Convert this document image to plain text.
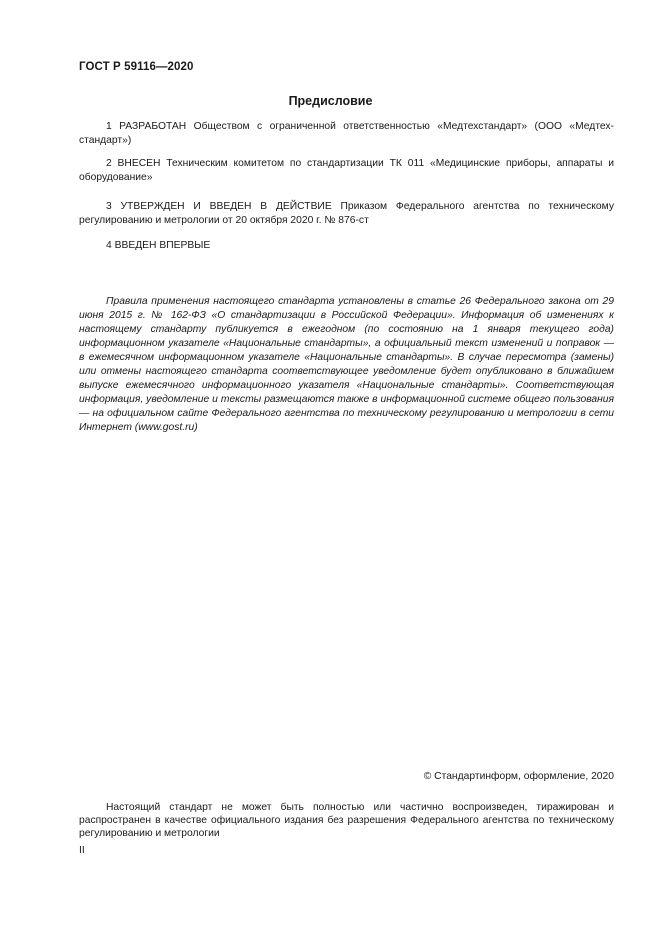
ГОСТ Р 59116—2020
Предисловие

1 РАЗРАБОТАН Обществом с ограниченной ответственностью «Медтехстандарт» (ООО «Медтех-стандарт»)

2 ВНЕСЕН Техническим комитетом по стандартизации ТК 011 «Медицинские приборы, аппараты и оборудование»

3 УТВЕРЖДЕН И ВВЕДЕН В ДЕЙСТВИЕ Приказом Федерального агентства по техническому регулированию и метрологии от 20 октября 2020 г. № 876-ст

4 ВВЕДЕН ВПЕРВЫЕ

Правила применения настоящего стандарта установлены в статье 26 Федерального закона от 29 июня 2015 г. № 162-ФЗ «О стандартизации в Российской Федерации». Информация об изменениях к настоящему стандарту публикуется в ежегодном (по состоянию на 1 января текущего года) информационном указателе «Национальные стандарты», а официальный текст изменений и поправок — в ежемесячном информационном указателе «Национальные стандарты». В случае пересмотра (замены) или отмены настоящего стандарта соответствующее уведомление будет опубликовано в ближайшем выпуске ежемесячного информационного указателя «Национальные стандарты». Соответствующая информация, уведомление и тексты размещаются также в информационной системе общего пользования — на официальном сайте Федерального агентства по техническому регулированию и метрологии в сети Интернет (www.gost.ru)

© Стандартинформ, оформление, 2020

Настоящий стандарт не может быть полностью или частично воспроизведен, тиражирован и распространен в качестве официального издания без разрешения Федерального агентства по техническому регулированию и метрологии

II
